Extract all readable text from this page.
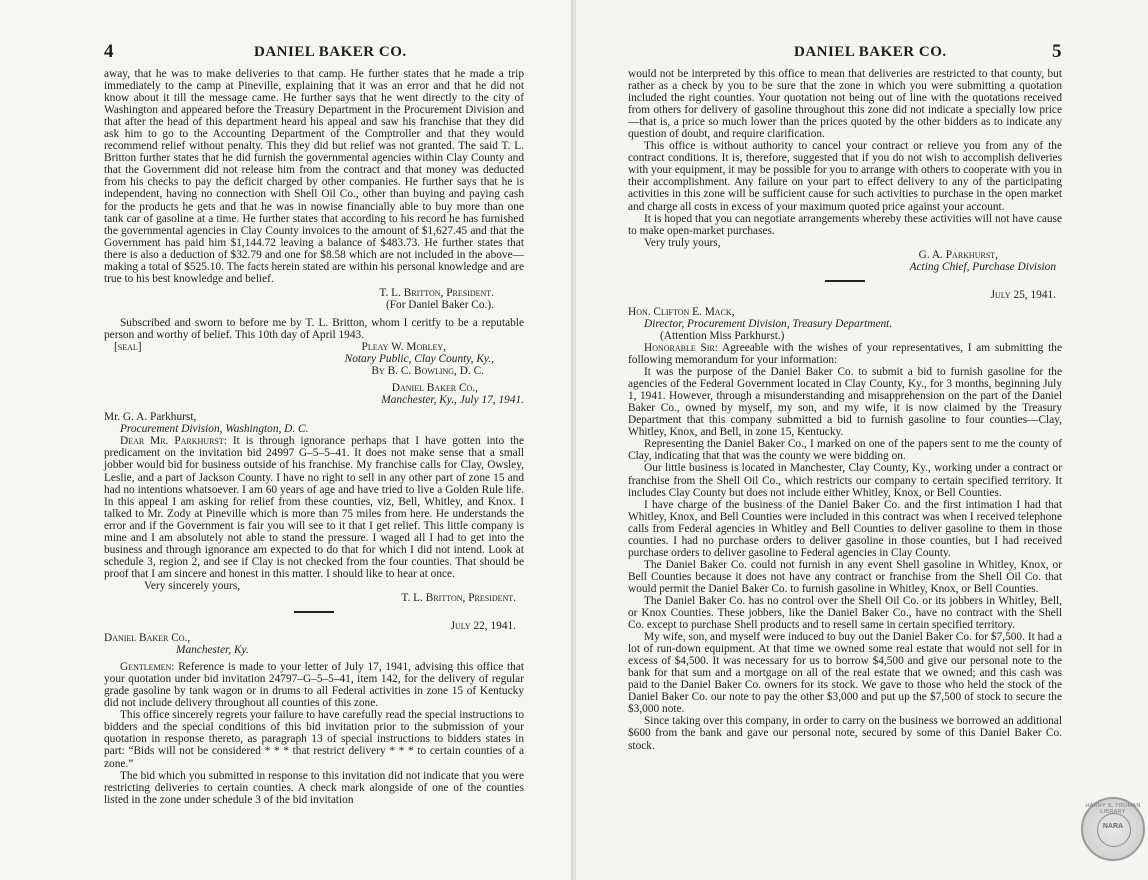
4	DANIEL BAKER CO.

away, that he was to make deliveries to that camp. He further states that he made a trip immediately to the camp at Pineville, explaining that it was an error and that he did not know about it till the message came. He further says that he went directly to the city of Washington and appeared before the Treasury Department in the Procurement Division and that after the head of this department heard his appeal and saw his franchise that they did ask him to go to the Accounting Department of the Comptroller and that they would recommend relief without penalty. This they did but relief was not granted. The said T. L. Britton further states that he did furnish the governmental agencies within Clay County and that the Government did not release him from the contract and that money was deducted from his checks to pay the deficit charged by other companies. He further says that he is independent, having no connection with Shell Oil Co., other than buying and paying cash for the products he gets and that he was in nowise financially able to buy more than one tank car of gasoline at a time. He further states that according to his record he has furnished the governmental agencies in Clay County invoices to the amount of $1,627.45 and that the Government has paid him $1,144.72 leaving a balance of $483.73. He further states that there is also a deduction of $32.79 and one for $8.58 which are not included in the above—making a total of $525.10. The facts herein stated are within his personal knowledge and are true to his best knowledge and belief.

T. L. Britton, President.

(For Daniel Baker Co.).

Subscribed and sworn to before me by T. L. Britton, whom I ceritfy to be a reputable person and worthy of belief. This 10th day of April 1943.

[seal]	Pleay W. Mobley,

Notary Public, Clay County, Ky.,

By B. C. Bowling, D. C.

Daniel Baker Co.,

Manchester, Ky., July 17, 1941.

Mr. G. A. Parkhurst,

Procurement Division, Washington, D. C.

Dear Mr. Parkhurst: It is through ignorance perhaps that I have gotten into the predicament on the invitation bid 24997 G–5–5–41. It does not make sense that a small jobber would bid for business outside of his franchise. My franchise calls for Clay, Owsley, Leslie, and a part of Jackson County. I have no right to sell in any other part of zone 15 and had no intentions whatsoever. I am 60 years of age and have tried to live a Golden Rule life. In this appeal I am asking for relief from these counties, viz, Bell, Whitley, and Knox. I talked to Mr. Zody at Pineville which is more than 75 miles from here. He understands the error and if the Government is fair you will see to it that I get relief. This little company is mine and I am absolutely not able to stand the pressure. I waged all I had to get into the business and through ignorance am expected to do that for which I did not intend. Look at schedule 3, region 2, and see if Clay is not checked from the four counties. That should be proof that I am sincere and honest in this matter. I should like to hear at once.

Very sincerely yours,

T. L. Britton, President.

July 22, 1941.

Daniel Baker Co.,

Manchester, Ky.

Gentlemen: Reference is made to your letter of July 17, 1941, advising this office that your quotation under bid invitation 24797–G–5–5–41, item 142, for the delivery of regular grade gasoline by tank wagon or in drums to all Federal activities in zone 15 of Kentucky did not include delivery throughout all counties of this zone.

This office sincerely regrets your failure to have carefully read the special instructions to bidders and the special conditions of this bid invitation prior to the submission of your quotation in response thereto, as paragraph 13 of special instructions to bidders states in part: “Bids will not be considered * * * that restrict delivery * * * to certain counties of a zone.”

The bid which you submitted in response to this invitation did not indicate that you were restricting deliveries to certain counties. A check mark alongside of one of the counties listed in the zone under schedule 3 of the bid invitation

DANIEL BAKER CO.	5

would not be interpreted by this office to mean that deliveries are restricted to that county, but rather as a check by you to be sure that the zone in which you were submitting a quotation included the right counties. Your quotation not being out of line with the quotations received from others for delivery of gasoline throughout this zone did not indicate a specially low price—that is, a price so much lower than the prices quoted by the other bidders as to indicate any question of doubt, and require clarification.

This office is without authority to cancel your contract or relieve you from any of the contract conditions. It is, therefore, suggested that if you do not wish to accomplish deliveries with your equipment, it may be possible for you to arrange with others to cooperate with you in their accomplishment. Any failure on your part to effect delivery to any of the participating activities in this zone will be sufficient cause for such activities to purchase in the open market and charge all costs in excess of your maximum quoted price against your account.

It is hoped that you can negotiate arrangements whereby these activities will not have cause to make open-market purchases.

Very truly yours,

G. A. Parkhurst,

Acting Chief, Purchase Division

July 25, 1941.

Hon. Clifton E. Mack,

Director, Procurement Division, Treasury Department.

(Attention Miss Parkhurst.)

Honorable Sir: Agreeable with the wishes of your representatives, I am submitting the following memorandum for your information:

It was the purpose of the Daniel Baker Co. to submit a bid to furnish gasoline for the agencies of the Federal Government located in Clay County, Ky., for 3 months, beginning July 1, 1941. However, through a misunderstanding and misapprehension on the part of the Daniel Baker Co., owned by myself, my son, and my wife, it is now claimed by the Treasury Department that this company submitted a bid to furnish gasoline to four counties—Clay, Whitley, Knox, and Bell, in zone 15, Kentucky.

Representing the Daniel Baker Co., I marked on one of the papers sent to me the county of Clay, indicating that that was the county we were bidding on.

Our little business is located in Manchester, Clay County, Ky., working under a contract or franchise from the Shell Oil Co., which restricts our company to certain specified territory. It includes Clay County but does not include either Whitley, Knox, or Bell Counties.

I have charge of the business of the Daniel Baker Co. and the first intimation I had that Whitley, Knox, and Bell Counties were included in this contract was when I received telephone calls from Federal agencies in Whitley and Bell Counties to deliver gasoline to them in those counties. I had no purchase orders to deliver gasoline in those counties, but I had received purchase orders to deliver gasoline to Federal agencies in Clay County.

The Daniel Baker Co. could not furnish in any event Shell gasoline in Whitley, Knox, or Bell Counties because it does not have any contract or franchise from the Shell Oil Co. that would permit the Daniel Baker Co. to furnish gasoline in Whitley, Knox, or Bell Counties.

The Daniel Baker Co. has no control over the Shell Oil Co. or its jobbers in Whitley, Bell, or Knox Counties. These jobbers, like the Daniel Baker Co., have no contract with the Shell Co. except to purchase Shell products and to resell same in certain specified territory.

My wife, son, and myself were induced to buy out the Daniel Baker Co. for $7,500. It had a lot of run-down equipment. At that time we owned some real estate that would not sell for in excess of $4,500. It was necessary for us to borrow $4,500 and give our personal note to the bank for that sum and a mortgage on all of the real estate that we owned; and this cash was paid to the Daniel Baker Co. owners for its stock. We gave to those who held the stock of the Daniel Baker Co. our note to pay the other $3,000 and put up the $7,500 of stock to secure the $3,000 note.

Since taking over this company, in order to carry on the business we borrowed an additional $600 from the bank and gave our personal note, secured by some of this Daniel Baker Co. stock.

HARRY S. TRUMAN LIBRARY
NARA
